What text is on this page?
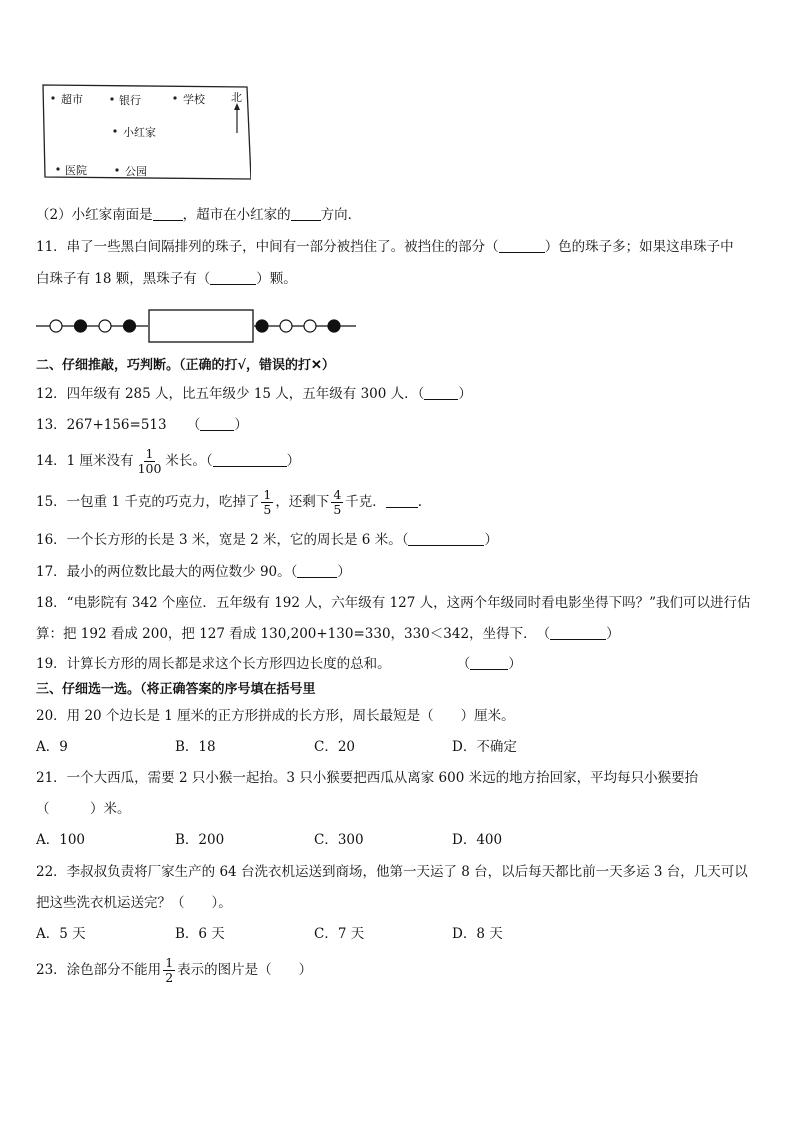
超市	银行	学校 北
小红家
医院	公园
（2）小红家南面是 ，超市在小红家的 方向．
11．串了一些黑白间隔排列的珠子，中间有一部分被挡住了。被挡住的部分（	）色的珠子多；如果这串珠子中
白珠子有 18 颗，黑珠子有（	）颗。
二、仔细推敲，巧判断。（正确的打√，错误的打✕）
12．四年级有 285 人，比五年级少 15 人，五年级有 300 人．（	）
13．267+156=513　　（	）
14．1 厘米没有 $\frac{1}{100}$ 米长。（	）
15．一包重 1 千克的巧克力，吃掉了 $\frac{1}{5}$ ，还剩下 $\frac{4}{5}$ 千克． .
16．一个长方形的长是 3 米，宽是 2 米，它的周长是 6 米。（	）
17．最小的两位数比最大的两位数少 90。（	）
18．“电影院有 342 个座位．五年级有 192 人，六年级有 127 人，这两个年级同时看电影坐得下吗？”我们可以进行估
算：把 192 看成 200，把 127 看成 130,200+130=330，330＜342，坐得下．　（	）
19．计算长方形的周长都是求这个长方形四边长度的总和。	（	）
三、仔细选一选。（将正确答案的序号填在括号里
20．用 20 个边长是 1 厘米的正方形拼成的长方形，周长最短是（　　）厘米。
A．9	B．18	C．20	D．不确定
21．一个大西瓜，需要 2 只小猴一起抬。3 只小猴要把西瓜从离家 600 米远的地方抬回家，平均每只小猴要抬
（　　　）米。
A．100	B．200	C．300	D．400
22．李叔叔负责将厂家生产的 64 台洗衣机运送到商场，他第一天运了 8 台，以后每天都比前一天多运 3 台，几天可以
把这些洗衣机运送完？（　　）。
A．5 天	B．6 天	C．7 天	D．8 天
23．涂色部分不能用 $\frac{1}{2}$ 表示的图片是（　　）
